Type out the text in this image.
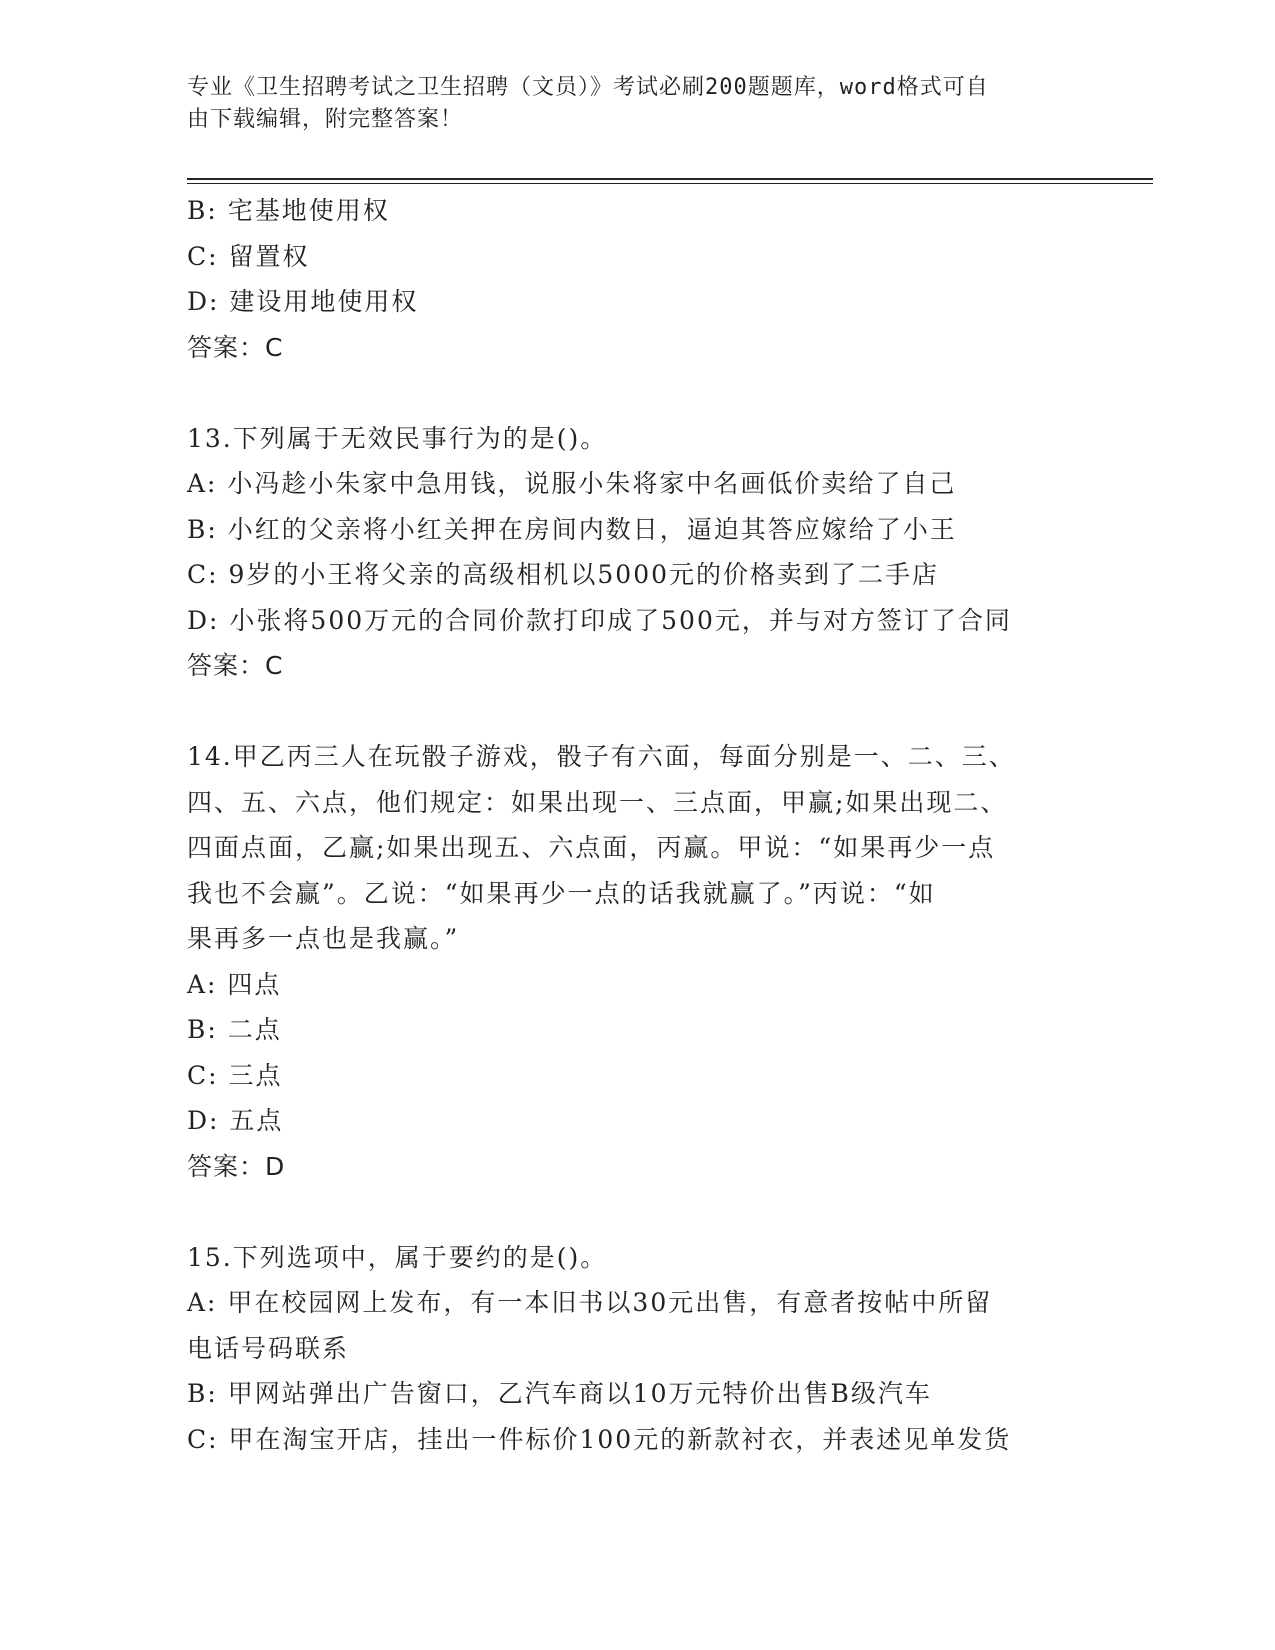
专业《卫生招聘考试之卫生招聘（文员）》考试必刷200题题库，word格式可自
由下载编辑，附完整答案！
B: 宅基地使用权
C: 留置权
D: 建设用地使用权
答案：C
13.下列属于无效民事行为的是()。
A: 小冯趁小朱家中急用钱，说服小朱将家中名画低价卖给了自己
B: 小红的父亲将小红关押在房间内数日，逼迫其答应嫁给了小王
C: 9岁的小王将父亲的高级相机以5000元的价格卖到了二手店
D: 小张将500万元的合同价款打印成了500元，并与对方签订了合同
答案：C
14.甲乙丙三人在玩骰子游戏，骰子有六面，每面分别是一、二、三、
四、五、六点，他们规定：如果出现一、三点面，甲赢;如果出现二、
四面点面，乙赢;如果出现五、六点面，丙赢。甲说：“如果再少一点
我也不会赢”。乙说：“如果再少一点的话我就赢了。”丙说：“如
果再多一点也是我赢。”
A: 四点
B: 二点
C: 三点
D: 五点
答案：D
15.下列选项中，属于要约的是()。
A: 甲在校园网上发布，有一本旧书以30元出售，有意者按帖中所留
电话号码联系
B: 甲网站弹出广告窗口，乙汽车商以10万元特价出售B级汽车
C: 甲在淘宝开店，挂出一件标价100元的新款衬衣，并表述见单发货
